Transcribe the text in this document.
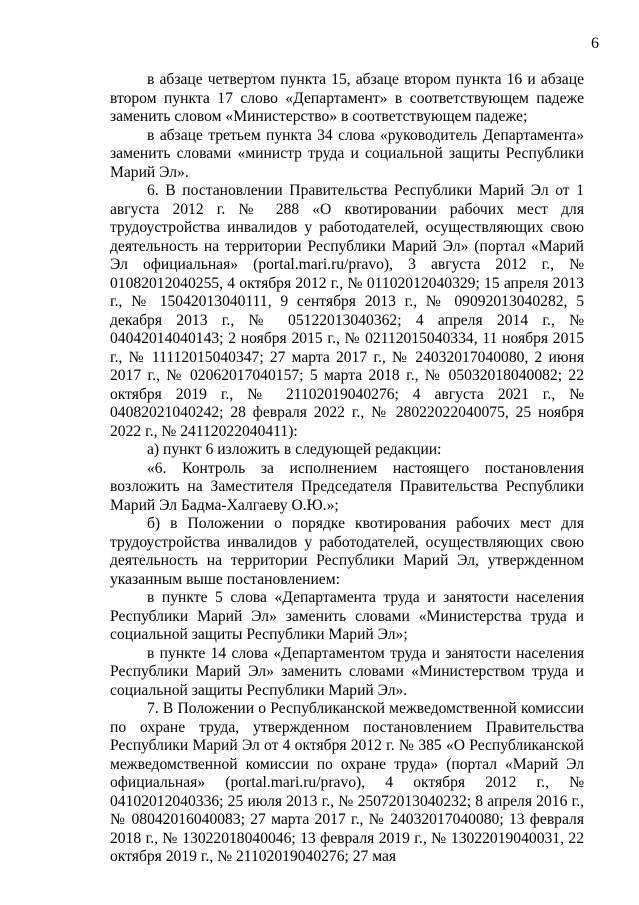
6

в абзаце четвертом пункта 15, абзаце втором пункта 16 и абзаце втором пункта 17 слово «Департамент» в соответствующем падеже заменить словом «Министерство» в соответствующем падеже;

в абзаце третьем пункта 34 слова «руководитель Департамента» заменить словами «министр труда и социальной защиты Республики Марий Эл».

6. В постановлении Правительства Республики Марий Эл от 1 августа 2012 г. № 288 «О квотировании рабочих мест для трудоустройства инвалидов у работодателей, осуществляющих свою деятельность на территории Республики Марий Эл» (портал «Марий Эл официальная» (portal.mari.ru/pravo), 3 августа 2012 г., № 01082012040255, 4 октября 2012 г., № 01102012040329; 15 апреля 2013 г., № 15042013040111, 9 сентября 2013 г., № 09092013040282, 5 декабря 2013 г., № 05122013040362; 4 апреля 2014 г., № 04042014040143; 2 ноября 2015 г., № 02112015040334, 11 ноября 2015 г., № 11112015040347; 27 марта 2017 г., № 24032017040080, 2 июня 2017 г., № 02062017040157; 5 марта 2018 г., № 05032018040082; 22 октября 2019 г., № 21102019040276; 4 августа 2021 г., № 04082021040242; 28 февраля 2022 г., № 28022022040075, 25 ноября 2022 г., № 24112022040411):

а) пункт 6 изложить в следующей редакции:

«6. Контроль за исполнением настоящего постановления возложить на Заместителя Председателя Правительства Республики Марий Эл Бадма-Халгаеву О.Ю.»;

б) в Положении о порядке квотирования рабочих мест для трудоустройства инвалидов у работодателей, осуществляющих свою деятельность на территории Республики Марий Эл, утвержденном указанным выше постановлением:

в пункте 5 слова «Департамента труда и занятости населения Республики Марий Эл» заменить словами «Министерства труда и социальной защиты Республики Марий Эл»;

в пункте 14 слова «Департаментом труда и занятости населения Республики Марий Эл» заменить словами «Министерством труда и социальной защиты Республики Марий Эл».

7. В Положении о Республиканской межведомственной комиссии по охране труда, утвержденном постановлением Правительства Республики Марий Эл от 4 октября 2012 г. № 385 «О Республиканской межведомственной комиссии по охране труда» (портал «Марий Эл официальная» (portal.mari.ru/pravo), 4 октября 2012 г., № 04102012040336; 25 июля 2013 г., № 25072013040232; 8 апреля 2016 г., № 08042016040083; 27 марта 2017 г., № 24032017040080; 13 февраля 2018 г., № 13022018040046; 13 февраля 2019 г., № 13022019040031, 22 октября 2019 г., № 21102019040276; 27 мая
